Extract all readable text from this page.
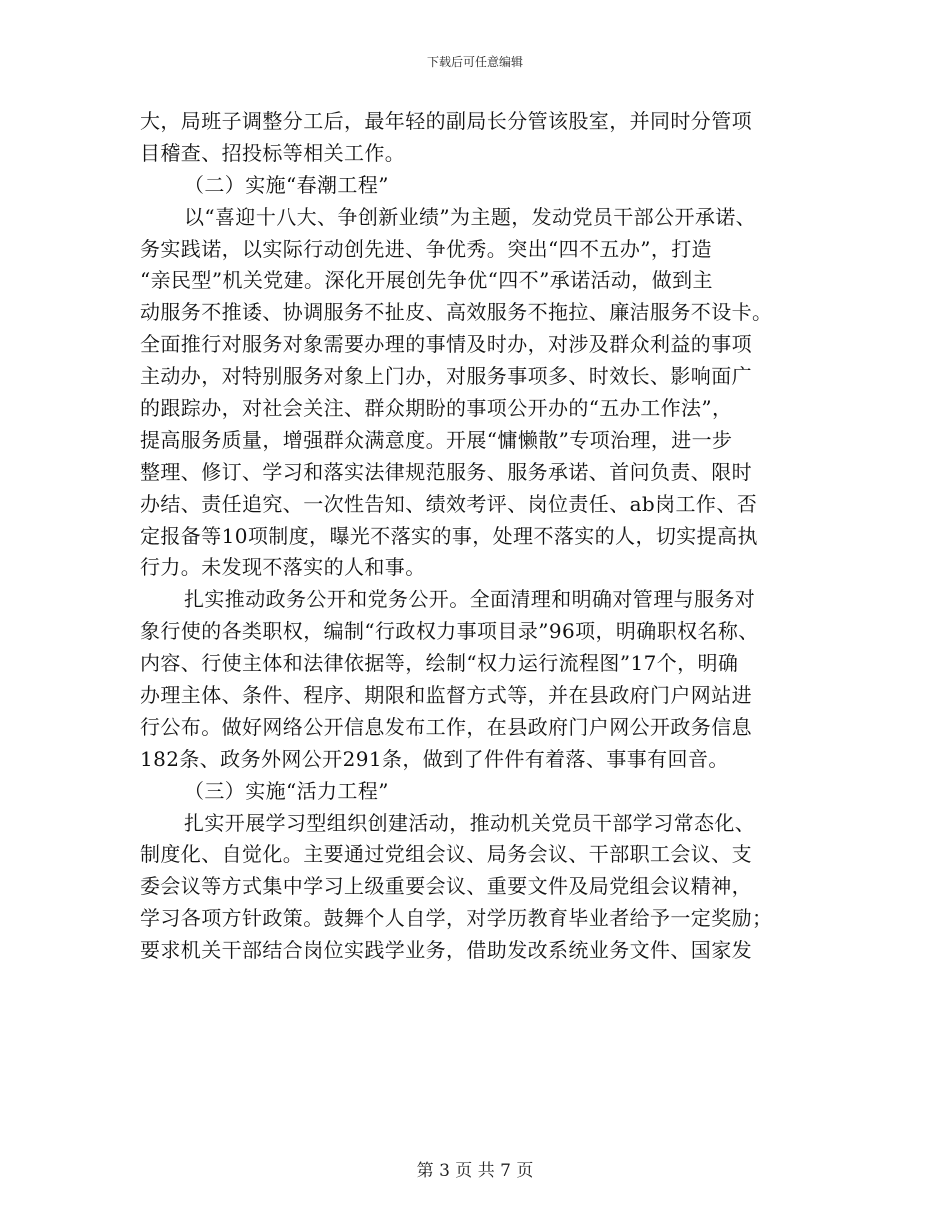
下载后可任意编辑
大，局班子调整分工后，最年轻的副局长分管该股室，并同时分管项
目稽查、招投标等相关工作。
（二）实施“春潮工程”
以“喜迎十八大、争创新业绩”为主题，发动党员干部公开承诺、
务实践诺，以实际行动创先进、争优秀。突出“四不五办”，打造
“亲民型”机关党建。深化开展创先争优“四不”承诺活动，做到主
动服务不推诿、协调服务不扯皮、高效服务不拖拉、廉洁服务不设卡。
全面推行对服务对象需要办理的事情及时办，对涉及群众利益的事项
主动办，对特别服务对象上门办，对服务事项多、时效长、影响面广
的跟踪办，对社会关注、群众期盼的事项公开办的“五办工作法”，
提高服务质量，增强群众满意度。开展“慵懒散”专项治理，进一步
整理、修订、学习和落实法律规范服务、服务承诺、首问负责、限时
办结、责任追究、一次性告知、绩效考评、岗位责任、ab岗工作、否
定报备等10项制度，曝光不落实的事，处理不落实的人，切实提高执
行力。未发现不落实的人和事。
扎实推动政务公开和党务公开。全面清理和明确对管理与服务对
象行使的各类职权，编制“行政权力事项目录”96项，明确职权名称、
内容、行使主体和法律依据等，绘制“权力运行流程图”17个，明确
办理主体、条件、程序、期限和监督方式等，并在县政府门户网站进
行公布。做好网络公开信息发布工作，在县政府门户网公开政务信息
182条、政务外网公开291条，做到了件件有着落、事事有回音。
（三）实施“活力工程”
扎实开展学习型组织创建活动，推动机关党员干部学习常态化、
制度化、自觉化。主要通过党组会议、局务会议、干部职工会议、支
委会议等方式集中学习上级重要会议、重要文件及局党组会议精神，
学习各项方针政策。鼓舞个人自学，对学历教育毕业者给予一定奖励；
要求机关干部结合岗位实践学业务，借助发改系统业务文件、国家发
第 3 页 共 7 页
